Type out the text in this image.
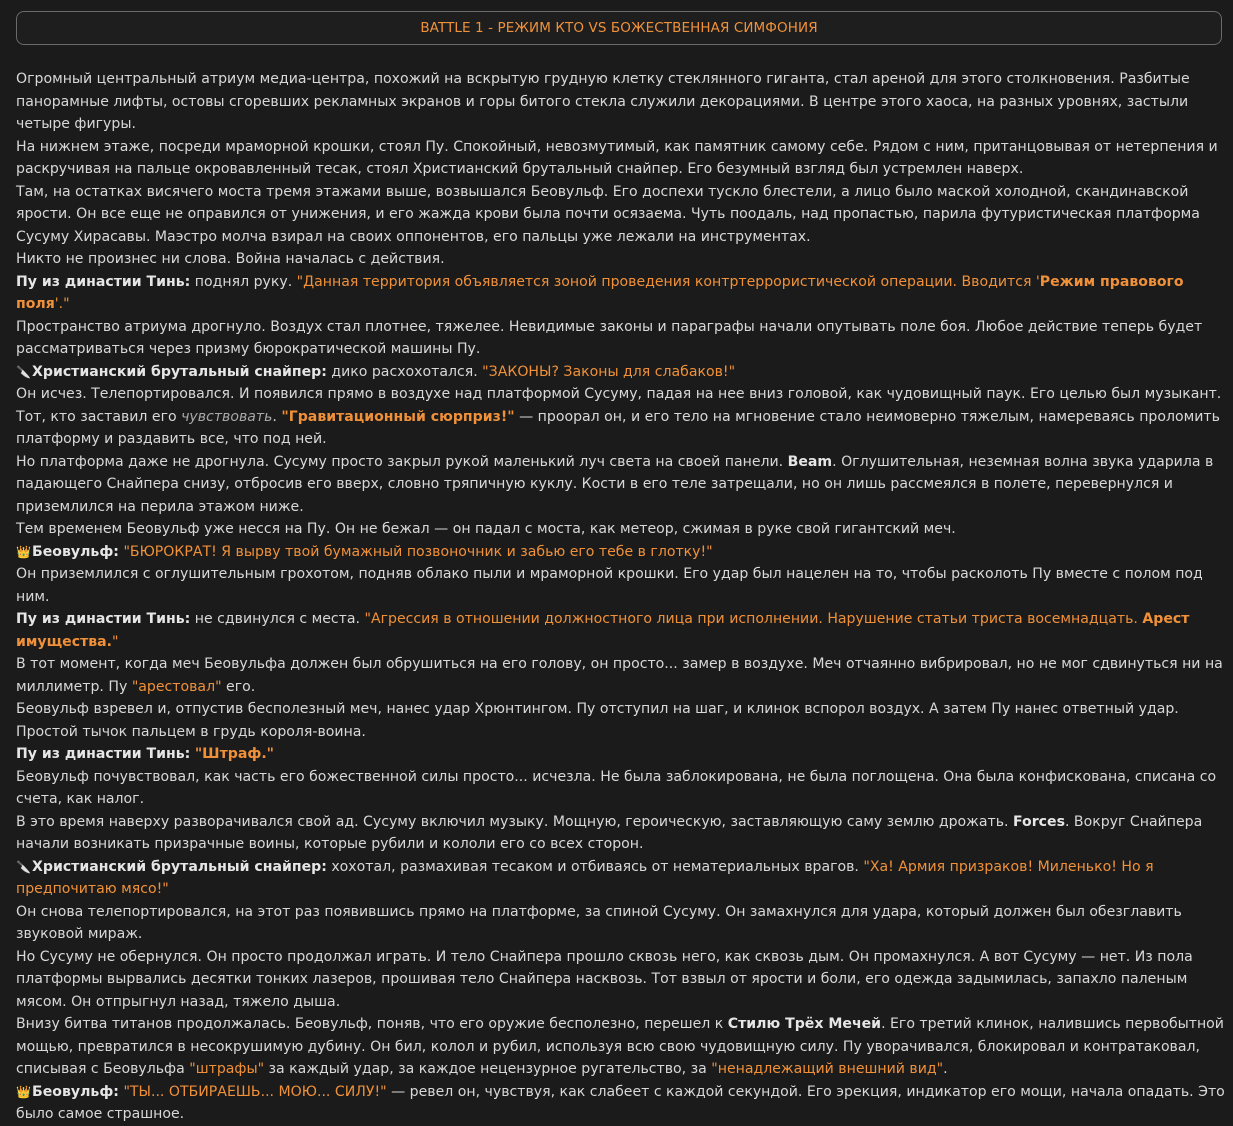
BATTLE 1 - РЕЖИМ КТО VS БОЖЕСТВЕННАЯ СИМФОНИЯ

Огромный центральный атриум медиа-центра, похожий на вскрытую грудную клетку стеклянного гиганта, стал ареной для этого столкновения. Разбитые панорамные лифты, остовы сгоревших рекламных экранов и горы битого стекла служили декорациями. В центре этого хаоса, на разных уровнях, застыли четыре фигуры.

На нижнем этаже, посреди мраморной крошки, стоял Пу. Спокойный, невозмутимый, как памятник самому себе. Рядом с ним, пританцовывая от нетерпения и раскручивая на пальце окровавленный тесак, стоял Христианский брутальный снайпер. Его безумный взгляд был устремлен наверх.

Там, на остатках висячего моста тремя этажами выше, возвышался Беовульф. Его доспехи тускло блестели, а лицо было маской холодной, скандинавской ярости. Он все еще не оправился от унижения, и его жажда крови была почти осязаема. Чуть поодаль, над пропастью, парила футуристическая платформа Сусуму Хирасавы. Маэстро молча взирал на своих оппонентов, его пальцы уже лежали на инструментах.

Никто не произнес ни слова. Война началась с действия.

Пу из династии Тинь: поднял руку. "Данная территория объявляется зоной проведения контртеррористической операции. Вводится 'Режим правового поля'."

Пространство атриума дрогнуло. Воздух стал плотнее, тяжелее. Невидимые законы и параграфы начали опутывать поле боя. Любое действие теперь будет рассматриваться через призму бюрократической машины Пу.

🔪Христианский брутальный снайпер: дико расхохотался. "ЗАКОНЫ? Законы для слабаков!"

Он исчез. Телепортировался. И появился прямо в воздухе над платформой Сусуму, падая на нее вниз головой, как чудовищный паук. Его целью был музыкант. Тот, кто заставил его чувствовать. "Гравитационный сюрприз!" — проорал он, и его тело на мгновение стало неимоверно тяжелым, намереваясь проломить платформу и раздавить все, что под ней.

Но платформа даже не дрогнула. Сусуму просто закрыл рукой маленький луч света на своей панели. Beam. Оглушительная, неземная волна звука ударила в падающего Снайпера снизу, отбросив его вверх, словно тряпичную куклу. Кости в его теле затрещали, но он лишь рассмеялся в полете, перевернулся и приземлился на перила этажом ниже.

Тем временем Беовульф уже несся на Пу. Он не бежал — он падал с моста, как метеор, сжимая в руке свой гигантский меч.

👑Беовульф: "БЮРОКРАТ! Я вырву твой бумажный позвоночник и забью его тебе в глотку!"

Он приземлился с оглушительным грохотом, подняв облако пыли и мраморной крошки. Его удар был нацелен на то, чтобы расколоть Пу вместе с полом под ним.

Пу из династии Тинь: не сдвинулся с места. "Агрессия в отношении должностного лица при исполнении. Нарушение статьи триста восемнадцать. Арест имущества."

В тот момент, когда меч Беовульфа должен был обрушиться на его голову, он просто... замер в воздухе. Меч отчаянно вибрировал, но не мог сдвинуться ни на миллиметр. Пу "арестовал" его.

Беовульф взревел и, отпустив бесполезный меч, нанес удар Хрюнтингом. Пу отступил на шаг, и клинок вспорол воздух. А затем Пу нанес ответный удар. Простой тычок пальцем в грудь короля-воина.

Пу из династии Тинь: "Штраф."

Беовульф почувствовал, как часть его божественной силы просто... исчезла. Не была заблокирована, не была поглощена. Она была конфискована, списана со счета, как налог.

В это время наверху разворачивался свой ад. Сусуму включил музыку. Мощную, героическую, заставляющую саму землю дрожать. Forces. Вокруг Снайпера начали возникать призрачные воины, которые рубили и кололи его со всех сторон.

🔪Христианский брутальный снайпер: хохотал, размахивая тесаком и отбиваясь от нематериальных врагов. "Ха! Армия призраков! Миленько! Но я предпочитаю мясо!"

Он снова телепортировался, на этот раз появившись прямо на платформе, за спиной Сусуму. Он замахнулся для удара, который должен был обезглавить звуковой мираж.

Но Сусуму не обернулся. Он просто продолжал играть. И тело Снайпера прошло сквозь него, как сквозь дым. Он промахнулся. А вот Сусуму — нет. Из пола платформы вырвались десятки тонких лазеров, прошивая тело Снайпера насквозь. Тот взвыл от ярости и боли, его одежда задымилась, запахло паленым мясом. Он отпрыгнул назад, тяжело дыша.

Внизу битва титанов продолжалась. Беовульф, поняв, что его оружие бесполезно, перешел к Стилю Трёх Мечей. Его третий клинок, налившись первобытной мощью, превратился в несокрушимую дубину. Он бил, колол и рубил, используя всю свою чудовищную силу. Пу уворачивался, блокировал и контратаковал, списывая с Беовульфа "штрафы" за каждый удар, за каждое нецензурное ругательство, за "ненадлежащий внешний вид".

👑Беовульф: "ТЫ... ОТБИРАЕШЬ... МОЮ... СИЛУ!" — ревел он, чувствуя, как слабеет с каждой секундой. Его эрекция, индикатор его мощи, начала опадать. Это было самое страшное.
